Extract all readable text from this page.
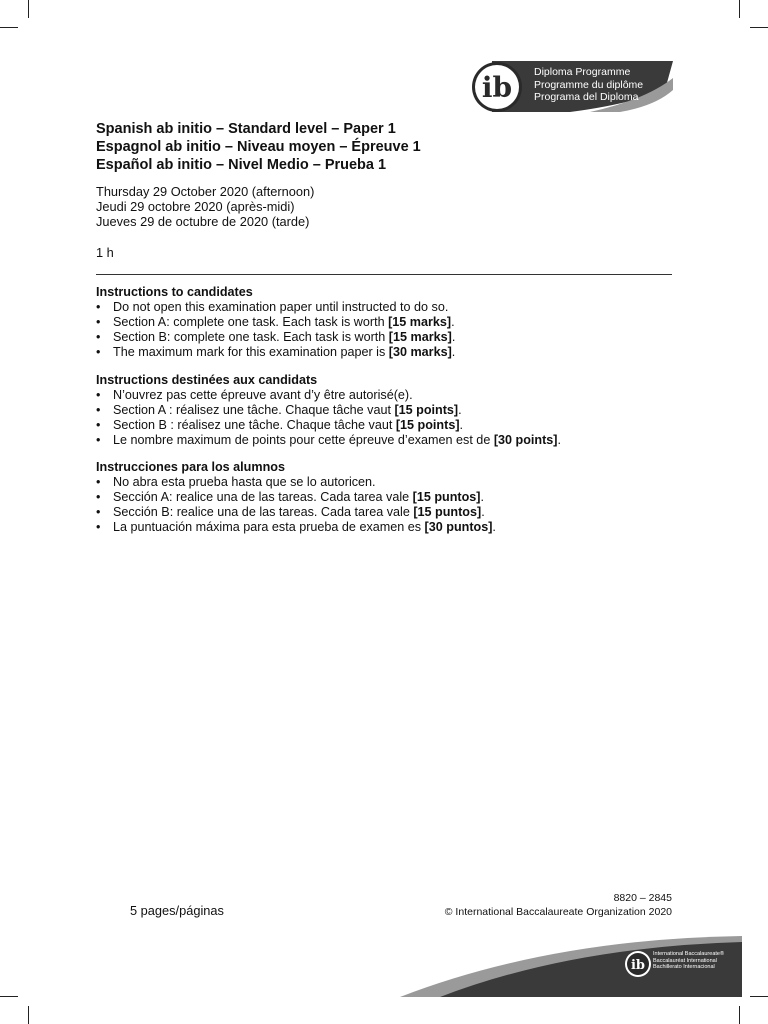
ib Diploma Programme
Programme du diplôme
Programa del Diploma
Spanish ab initio – Standard level – Paper 1
Espagnol ab initio – Niveau moyen – Épreuve 1
Español ab initio – Nivel Medio – Prueba 1
Thursday 29 October 2020 (afternoon)
Jeudi 29 octobre 2020 (après-midi)
Jueves 29 de octubre de 2020 (tarde)
1 h
Instructions to candidates
• Do not open this examination paper until instructed to do so.
• Section A: complete one task. Each task is worth [15 marks].
• Section B: complete one task. Each task is worth [15 marks].
• The maximum mark for this examination paper is [30 marks].
Instructions destinées aux candidats
• N’ouvrez pas cette épreuve avant d’y être autorisé(e).
• Section A : réalisez une tâche. Chaque tâche vaut [15 points].
• Section B : réalisez une tâche. Chaque tâche vaut [15 points].
• Le nombre maximum de points pour cette épreuve d’examen est de [30 points].
Instrucciones para los alumnos
• No abra esta prueba hasta que se lo autoricen.
• Sección A: realice una de las tareas. Cada tarea vale [15 puntos].
• Sección B: realice una de las tareas. Cada tarea vale [15 puntos].
• La puntuación máxima para esta prueba de examen es [30 puntos].
8820 – 2845
5 pages/páginas	© International Baccalaureate Organization 2020
ib
International Baccalaureate®
Baccalauréat International
Bachillerato Internacional
